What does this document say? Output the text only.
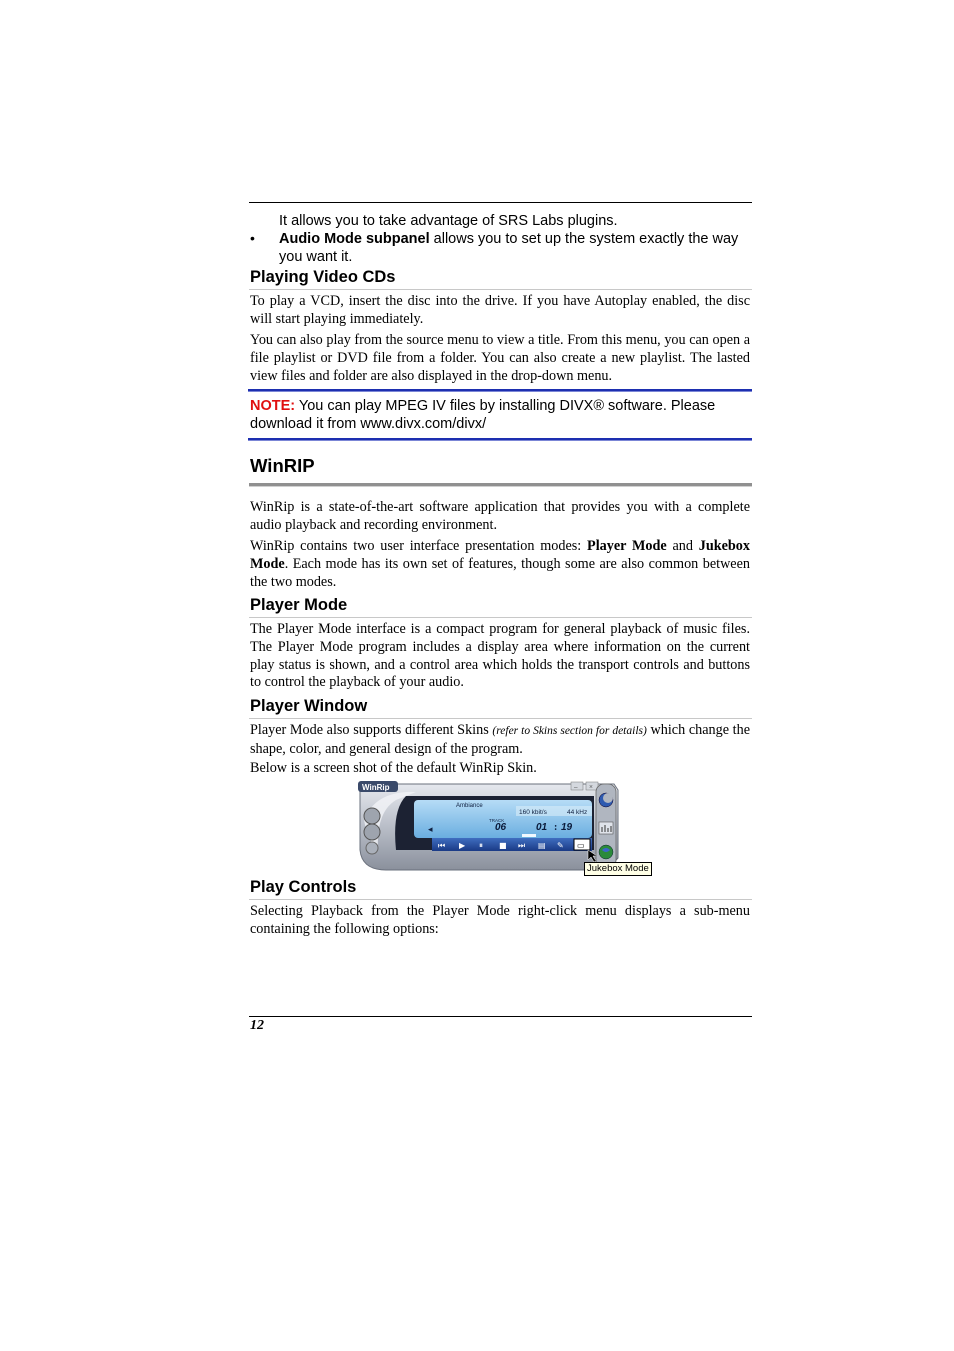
It allows you to take advantage of SRS Labs plugins.
• Audio Mode subpanel allows you to set up the system exactly the way you want it.
Playing Video CDs

To play a VCD, insert the disc into the drive. If you have Autoplay enabled, the disc will start playing immediately.

You can also play from the source menu to view a title. From this menu, you can open a file playlist or DVD file from a folder. You can also create a new playlist. The lasted view files and folder are also displayed in the drop-down menu.

NOTE: You can play MPEG IV files by installing DIVX® software. Please download it from www.divx.com/divx/
WinRIP

WinRip is a state-of-the-art software application that provides you with a complete audio playback and recording environment.

WinRip contains two user interface presentation modes: Player Mode and Jukebox Mode. Each mode has its own set of features, though some are also common between the two modes.

Player Mode

The Player Mode interface is a compact program for general playback of music files. The Player Mode program includes a display area where information on the current play status is shown, and a control area which holds the transport controls and buttons to control the playback of your audio.

Player Window

Player Mode also supports different Skins (refer to Skins section for details) which change the shape, color, and general design of the program.

Below is a screen shot of the default WinRip Skin.

WinRip	– ×
Ambiance
160 kbit/s	44 kHz
◂
TRACK
06	01 : 19
⏮ ▶ ⏸ ■ ⏭ ▤ ✎ ▭
Jukebox Mode
Play Controls

Selecting Playback from the Player Mode right-click menu displays a sub-menu containing the following options:

12
